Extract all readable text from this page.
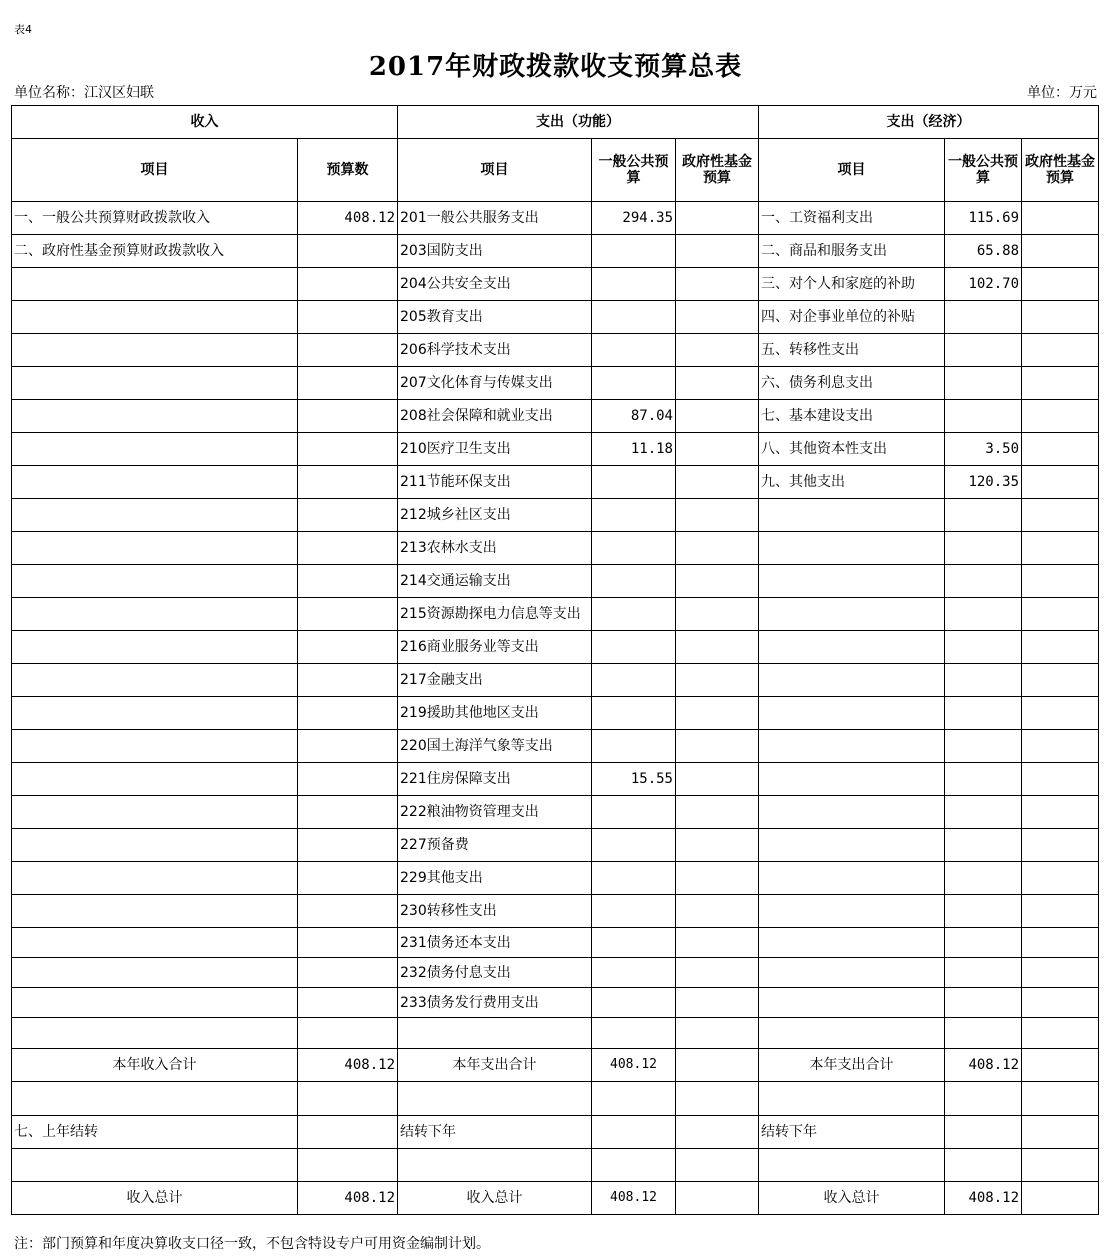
表4
2017年财政拨款收支预算总表
单位名称：江汉区妇联	单位：万元
收入		支出（功能）			支出（经济）		
项目	预算数	项目	一般公共预算	政府性基金预算	项目	一般公共预算	政府性基金预算
一、一般公共预算财政拨款收入	408.12	201一般公共服务支出	294.35		一、工资福利支出	115.69	
二、政府性基金预算财政拨款收入		203国防支出			二、商品和服务支出	65.88	
		204公共安全支出			三、对个人和家庭的补助	102.70	
		205教育支出			四、对企事业单位的补贴		
		206科学技术支出			五、转移性支出		
		207文化体育与传媒支出			六、债务利息支出		
		208社会保障和就业支出	87.04		七、基本建设支出		
		210医疗卫生支出	11.18		八、其他资本性支出	3.50	
		211节能环保支出			九、其他支出	120.35	
		212城乡社区支出					
		213农林水支出					
		214交通运输支出					
		215资源勘探电力信息等支出					
		216商业服务业等支出					
		217金融支出					
		219援助其他地区支出					
		220国土海洋气象等支出					
		221住房保障支出	15.55				
		222粮油物资管理支出					
		227预备费					
		229其他支出					
		230转移性支出					
		231债务还本支出					
		232债务付息支出					
		233债务发行费用支出					

本年收入合计	408.12	本年支出合计	408.12		本年支出合计	408.12	

七、上年结转		结转下年			结转下年		

收入总计	408.12	收入总计	408.12		收入总计	408.12	
注：部门预算和年度决算收支口径一致，不包含特设专户可用资金编制计划。
